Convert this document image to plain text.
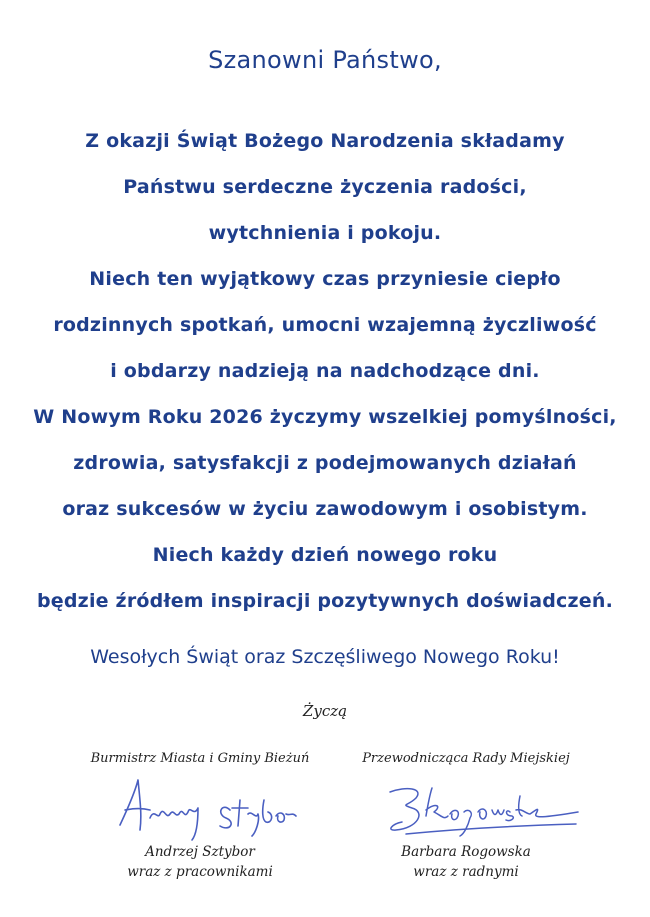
Szanowni Państwo,
Z okazji Świąt Bożego Narodzenia składamy
Państwu serdeczne życzenia radości,
wytchnienia i pokoju.
Niech ten wyjątkowy czas przyniesie ciepło
rodzinnych spotkań, umocni wzajemną życzliwość
i obdarzy nadzieją na nadchodzące dni.
W Nowym Roku 2026 życzymy wszelkiej pomyślności,
zdrowia, satysfakcji z podejmowanych działań
oraz sukcesów w życiu zawodowym i osobistym.
Niech każdy dzień nowego roku
będzie źródłem inspiracji pozytywnych doświadczeń.
Wesołych Świąt oraz Szczęśliwego Nowego Roku!
Życzą
Burmistrz Miasta i Gminy Bieżuń
Andrzej Sztybor
wraz z pracownikami
Przewodnicząca Rady Miejskiej
Barbara Rogowska
wraz z radnymi
